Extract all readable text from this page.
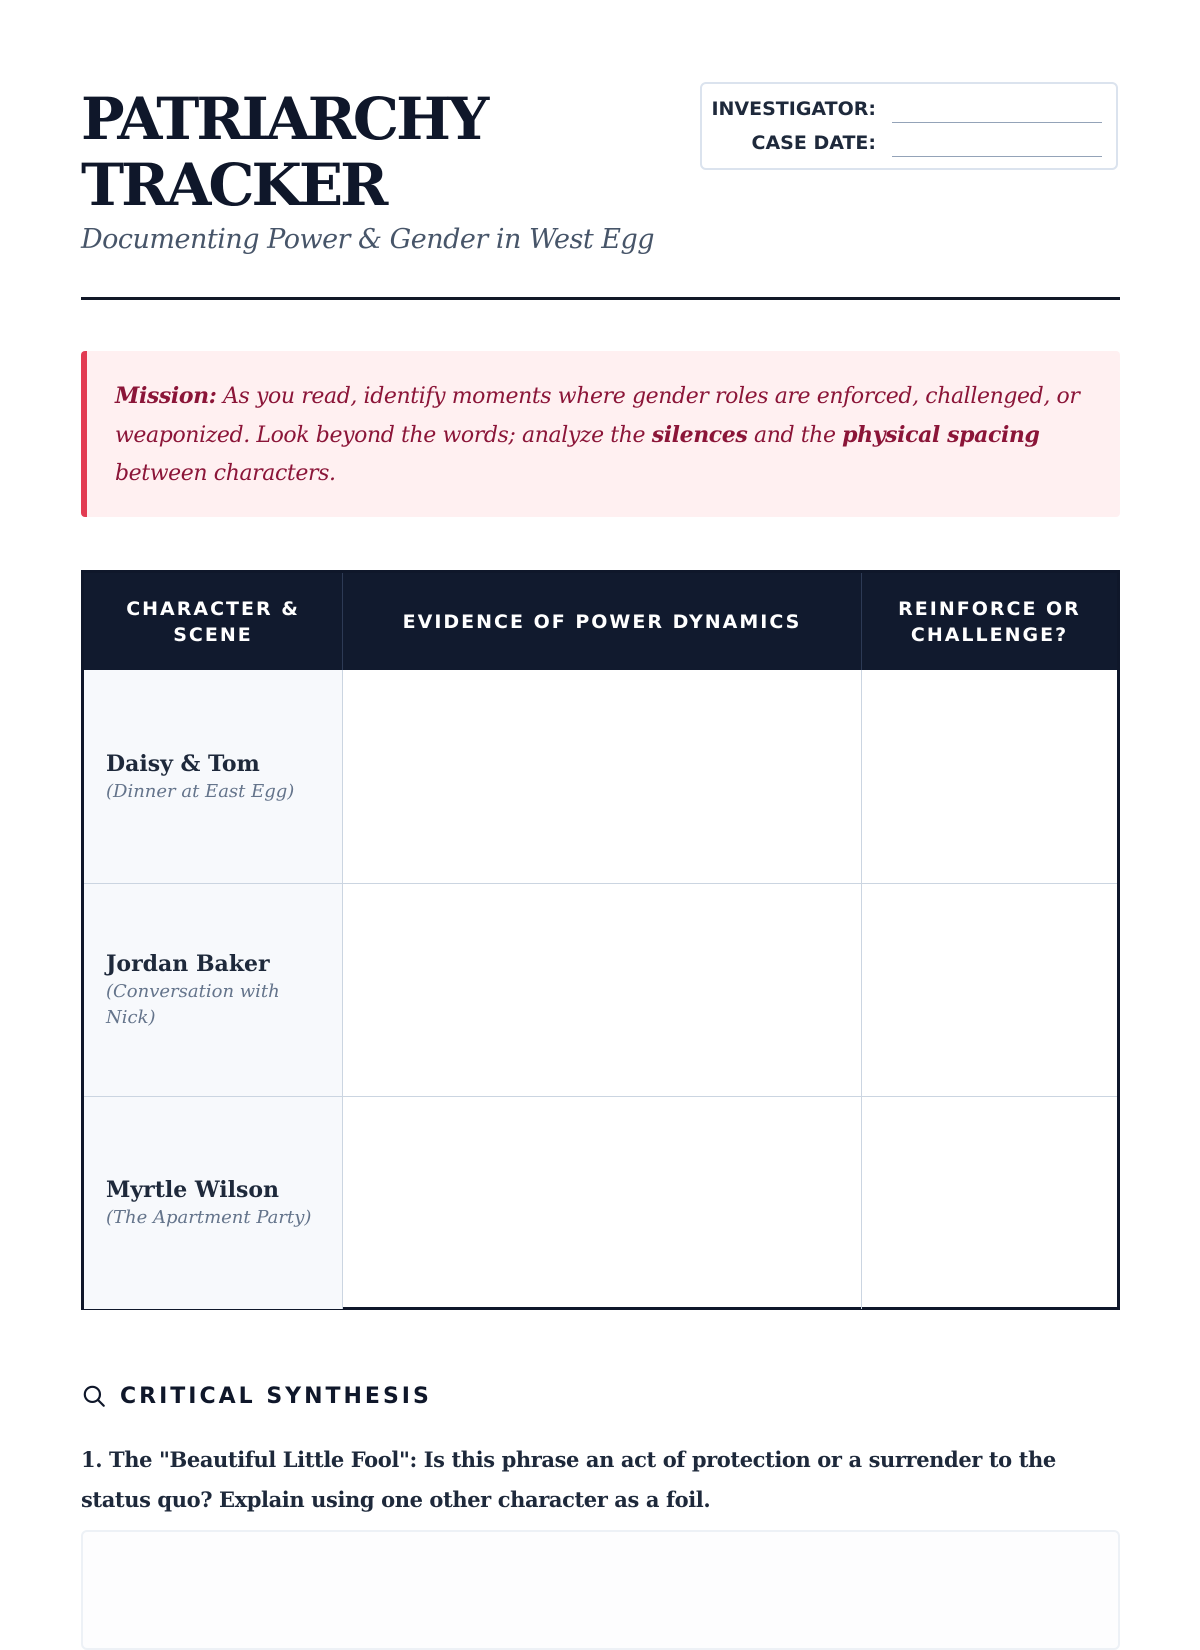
PATRIARCHY
TRACKER
Documenting Power & Gender in West Egg
INVESTIGATOR:
CASE DATE:
Mission: As you read, identify moments where gender roles are enforced, challenged, or weaponized. Look beyond the words; analyze the silences and the physical spacing between characters.
CHARACTER & SCENE
EVIDENCE OF POWER DYNAMICS
REINFORCE OR CHALLENGE?
Daisy & Tom
(Dinner at East Egg)
Jordan Baker
(Conversation with Nick)
Myrtle Wilson
(The Apartment Party)
CRITICAL SYNTHESIS
1. The "Beautiful Little Fool": Is this phrase an act of protection or a surrender to the status quo? Explain using one other character as a foil.
